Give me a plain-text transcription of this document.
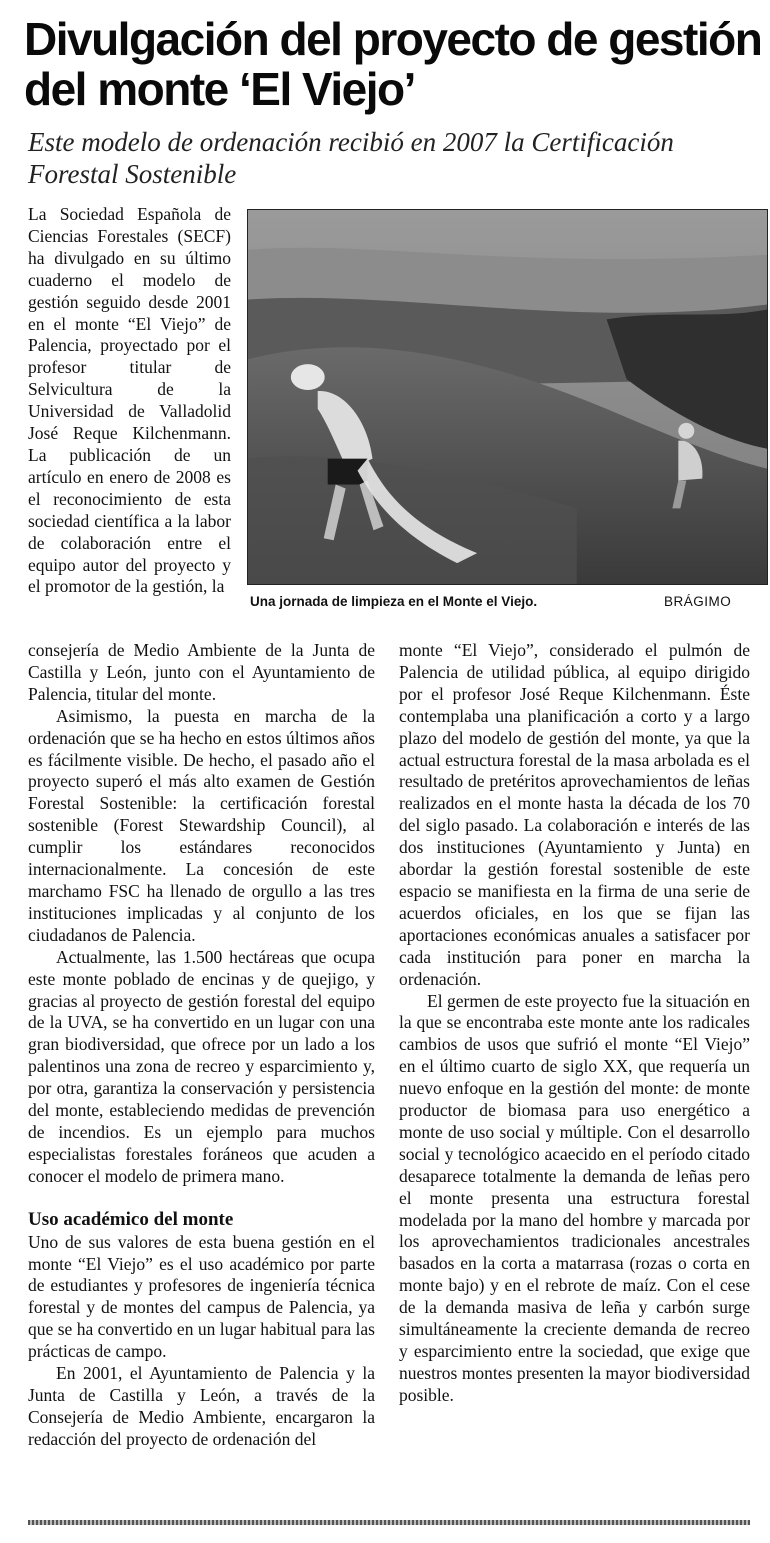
Divulgación del proyecto de gestión del monte ‘El Viejo’

Este modelo de ordenación recibió en 2007 la Certificación Forestal Sostenible

Una jornada de limpieza en el Monte el Viejo.	BRÁGIMO

La Sociedad Española de Ciencias Forestales (SECF) ha divulgado en su último cuaderno el modelo de gestión seguido desde 2001 en el monte “El Viejo” de Palencia, proyectado por el profesor titular de Selvicultura de la Universidad de Valladolid José Reque Kilchenmann. La publicación de un artículo en enero de 2008 es el reconocimiento de esta sociedad científica a la labor de colaboración entre el equipo autor del proyecto y el promotor de la gestión, la

consejería de Medio Ambiente de la Junta de Castilla y León, junto con el Ayuntamiento de Palencia, titular del monte.

Asimismo, la puesta en marcha de la ordenación que se ha hecho en estos últimos años es fácilmente visible. De hecho, el pasado año el proyecto superó el más alto examen de Gestión Forestal Sostenible: la certificación forestal sostenible (Forest Stewardship Council), al cumplir los estándares reconocidos internacionalmente. La concesión de este marchamo FSC ha llenado de orgullo a las tres instituciones implicadas y al conjunto de los ciudadanos de Palencia.

Actualmente, las 1.500 hectáreas que ocupa este monte poblado de encinas y de quejigo, y gracias al proyecto de gestión forestal del equipo de la UVA, se ha convertido en un lugar con una gran biodiversidad, que ofrece por un lado a los palentinos una zona de recreo y esparcimiento y, por otra, garantiza la conservación y persistencia del monte, estableciendo medidas de prevención de incendios. Es un ejemplo para muchos especialistas forestales foráneos que acuden a conocer el modelo de primera mano.

Uso académico del monte

Uno de sus valores de esta buena gestión en el monte “El Viejo” es el uso académico por parte de estudiantes y profesores de ingeniería técnica forestal y de montes del campus de Palencia, ya que se ha convertido en un lugar habitual para las prácticas de campo.

En 2001, el Ayuntamiento de Palencia y la Junta de Castilla y León, a través de la Consejería de Medio Ambiente, encargaron la redacción del proyecto de ordenación del

monte “El Viejo”, considerado el pulmón de Palencia de utilidad pública, al equipo dirigido por el profesor José Reque Kilchenmann. Éste contemplaba una planificación a corto y a largo plazo del modelo de gestión del monte, ya que la actual estructura forestal de la masa arbolada es el resultado de pretéritos aprovechamientos de leñas realizados en el monte hasta la década de los 70 del siglo pasado. La colaboración e interés de las dos instituciones (Ayuntamiento y Junta) en abordar la gestión forestal sostenible de este espacio se manifiesta en la firma de una serie de acuerdos oficiales, en los que se fijan las aportaciones económicas anuales a satisfacer por cada institución para poner en marcha la ordenación.

El germen de este proyecto fue la situación en la que se encontraba este monte ante los radicales cambios de usos que sufrió el monte “El Viejo” en el último cuarto de siglo XX, que requería un nuevo enfoque en la gestión del monte: de monte productor de biomasa para uso energético a monte de uso social y múltiple. Con el desarrollo social y tecnológico acaecido en el período citado desaparece totalmente la demanda de leñas pero el monte presenta una estructura forestal modelada por la mano del hombre y marcada por los aprovechamientos tradicionales ancestrales basados en la corta a matarrasa (rozas o corta en monte bajo) y en el rebrote de maíz. Con el cese de la demanda masiva de leña y carbón surge simultáneamente la creciente demanda de recreo y esparcimiento entre la sociedad, que exige que nuestros montes presenten la mayor biodiversidad posible.
